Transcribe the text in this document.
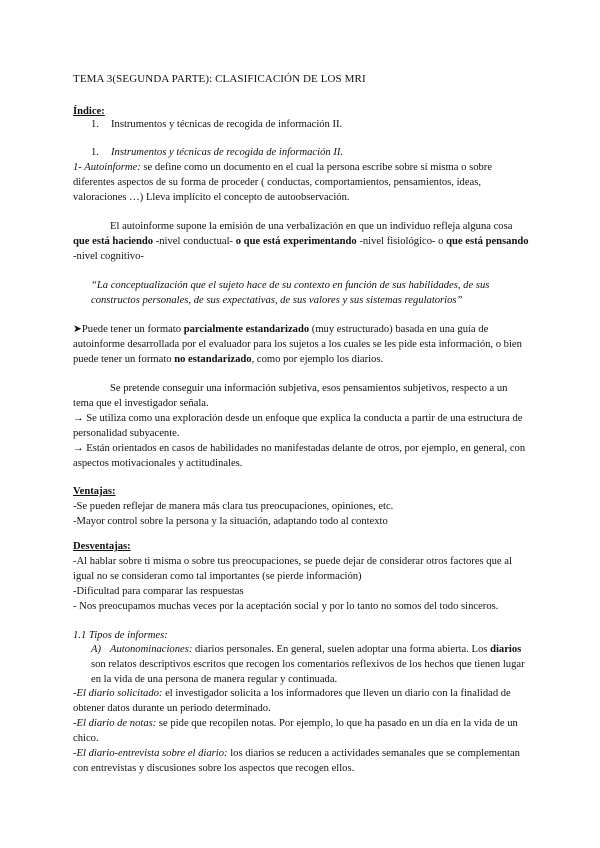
TEMA 3(SEGUNDA PARTE): CLASIFICACIÓN DE LOS MRI

Índice:

1. Instrumentos y técnicas de recogida de información II.

1. Instrumentos y técnicas de recogida de información II.

1- Autoinforme: se define como un documento en el cual la persona escribe sobre sí misma o sobre diferentes aspectos de su forma de proceder ( conductas, comportamientos, pensamientos, ideas, valoraciones …) Lleva implícito el concepto de autoobservación.

El autoinforme supone la emisión de una verbalización en que un individuo refleja alguna cosa que está haciendo -nivel conductual- o que está experimentando -nivel fisiológico- o que está pensando -nivel cognitivo-

“La conceptualización que el sujeto hace de su contexto en función de sus habilidades, de sus constructos personales, de sus expectativas, de sus valores y sus sistemas regulatorios”

➤Puede tener un formato parcialmente estandarizado (muy estructurado) basada en una guía de autoinforme desarrollada por el evaluador para los sujetos a los cuales se les pide esta información, o bien puede tener un formato no estandarizado, como por ejemplo los diarios.

Se pretende conseguir una información subjetiva, esos pensamientos subjetivos, respecto a un tema que el investigador señala.

→ Se utiliza como una exploración desde un enfoque que explica la conducta a partir de una estructura de personalidad subyacente.

→ Están orientados en casos de habilidades no manifestadas delante de otros, por ejemplo, en general, con aspectos motivacionales y actitudinales.

Ventajas:

-Se pueden reflejar de manera más clara tus preocupaciones, opiniones, etc.

-Mayor control sobre la persona y la situación, adaptando todo al contexto

Desventajas:

-Al hablar sobre ti misma o sobre tus preocupaciones, se puede dejar de considerar otros factores que al igual no se consideran como tal importantes (se pierde información)

-Dificultad para comparar las respuestas

- Nos preocupamos muchas veces por la aceptación social y por lo tanto no somos del todo sinceros.

1.1 Tipos de informes:

A) Autonominaciones: diarios personales. En general, suelen adoptar una forma abierta. Los diarios son relatos descriptivos escritos que recogen los comentarios reflexivos de los hechos que tienen lugar en la vida de una persona de manera regular y continuada.

-El diario solicitado: el investigador solicita a los informadores que lleven un diario con la finalidad de obtener datos durante un periodo determinado.

-El diario de notas: se pide que recopilen notas. Por ejemplo, lo que ha pasado en un día en la vida de un chico.

-El diario-entrevista sobre el diario: los diarios se reducen a actividades semanales que se complementan con entrevistas y discusiones sobre los aspectos que recogen ellos.
